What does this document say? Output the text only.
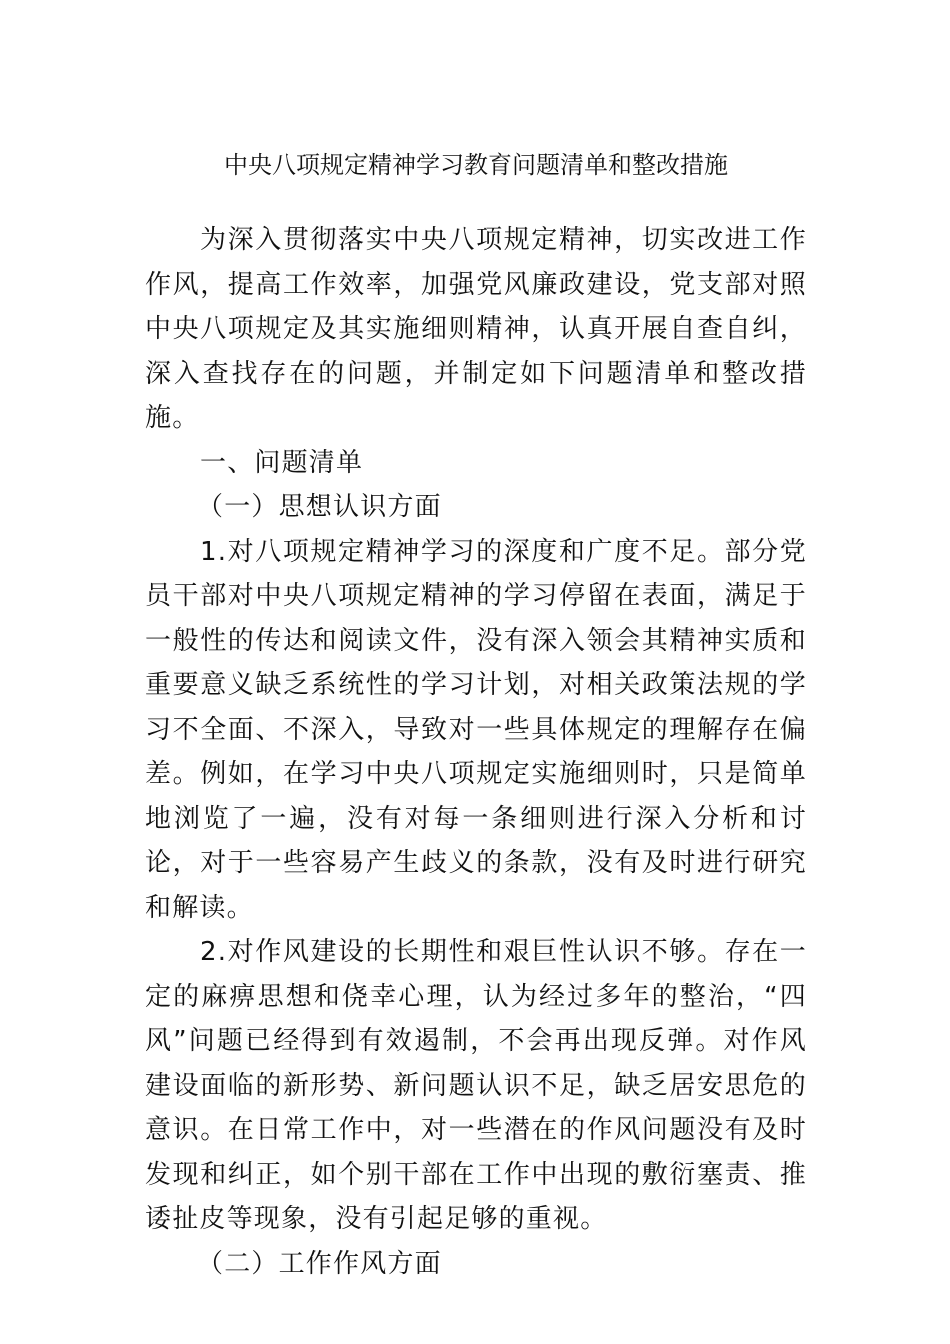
中央八项规定精神学习教育问题清单和整改措施

为深入贯彻落实中央八项规定精神，切实改进工作作风，提高工作效率，加强党风廉政建设，党支部对照中央八项规定及其实施细则精神，认真开展自查自纠，深入查找存在的问题，并制定如下问题清单和整改措施。

一、问题清单

（一）思想认识方面

1.对八项规定精神学习的深度和广度不足。部分党员干部对中央八项规定精神的学习停留在表面，满足于一般性的传达和阅读文件，没有深入领会其精神实质和重要意义缺乏系统性的学习计划，对相关政策法规的学习不全面、不深入，导致对一些具体规定的理解存在偏差。例如，在学习中央八项规定实施细则时，只是简单地浏览了一遍，没有对每一条细则进行深入分析和讨论，对于一些容易产生歧义的条款，没有及时进行研究和解读。

2.对作风建设的长期性和艰巨性认识不够。存在一定的麻痹思想和侥幸心理，认为经过多年的整治，“四风”问题已经得到有效遏制，不会再出现反弹。对作风建设面临的新形势、新问题认识不足，缺乏居安思危的意识。在日常工作中，对一些潜在的作风问题没有及时发现和纠正，如个别干部在工作中出现的敷衍塞责、推诿扯皮等现象，没有引起足够的重视。

（二）工作作风方面
